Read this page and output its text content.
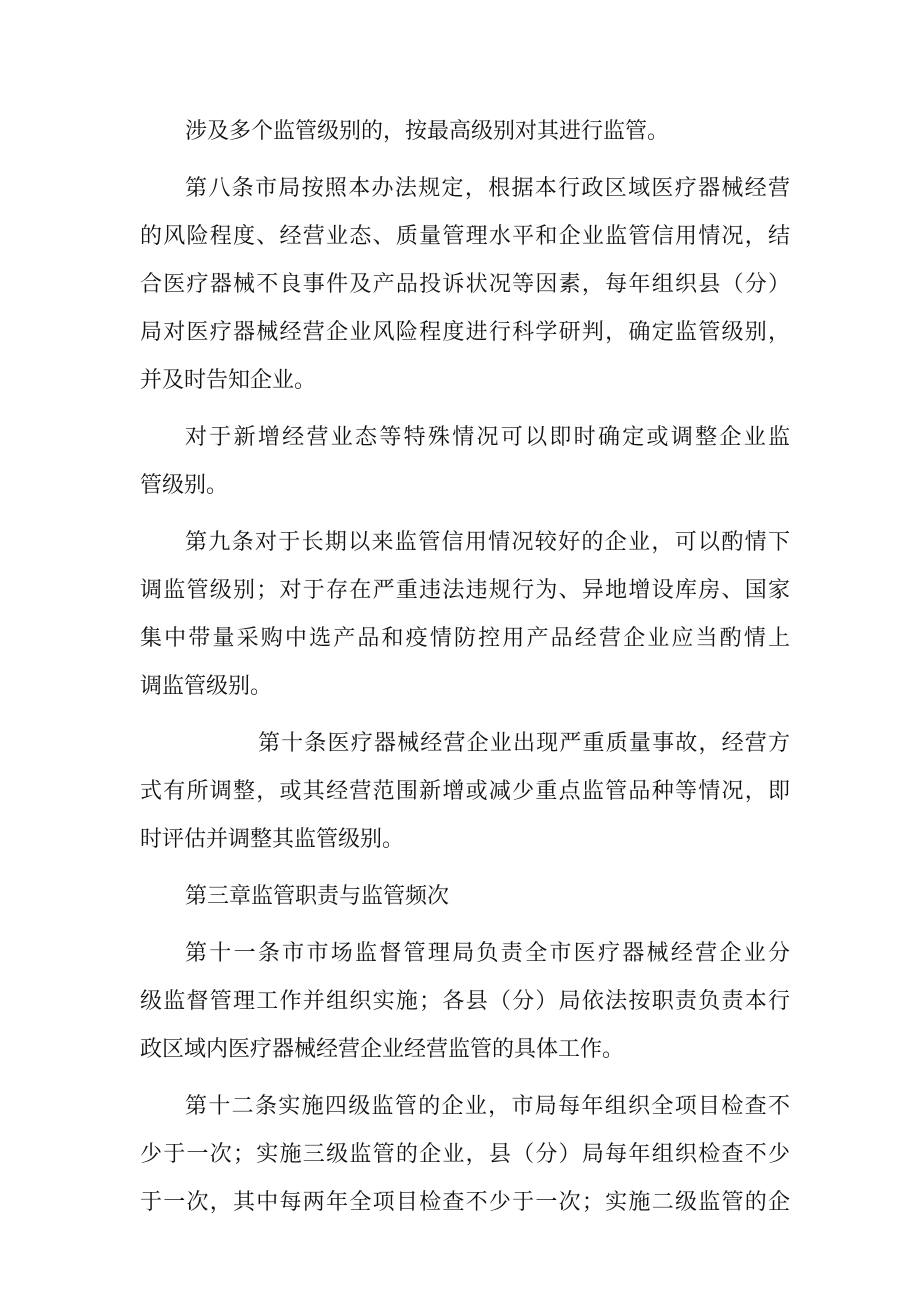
涉及多个监管级别的，按最高级别对其进行监管。
第八条市局按照本办法规定，根据本行政区域医疗器械经营
的风险程度、经营业态、质量管理水平和企业监管信用情况，结
合医疗器械不良事件及产品投诉状况等因素，每年组织县（分）
局对医疗器械经营企业风险程度进行科学研判，确定监管级别，
并及时告知企业。
对于新增经营业态等特殊情况可以即时确定或调整企业监
管级别。
第九条对于长期以来监管信用情况较好的企业，可以酌情下
调监管级别；对于存在严重违法违规行为、异地增设库房、国家
集中带量采购中选产品和疫情防控用产品经营企业应当酌情上
调监管级别。
第十条医疗器械经营企业出现严重质量事故，经营方
式有所调整，或其经营范围新增或减少重点监管品种等情况，即
时评估并调整其监管级别。
第三章监管职责与监管频次
第十一条市市场监督管理局负责全市医疗器械经营企业分
级监督管理工作并组织实施；各县（分）局依法按职责负责本行
政区域内医疗器械经营企业经营监管的具体工作。
第十二条实施四级监管的企业，市局每年组织全项目检查不
少于一次；实施三级监管的企业，县（分）局每年组织检查不少
于一次，其中每两年全项目检查不少于一次；实施二级监管的企
